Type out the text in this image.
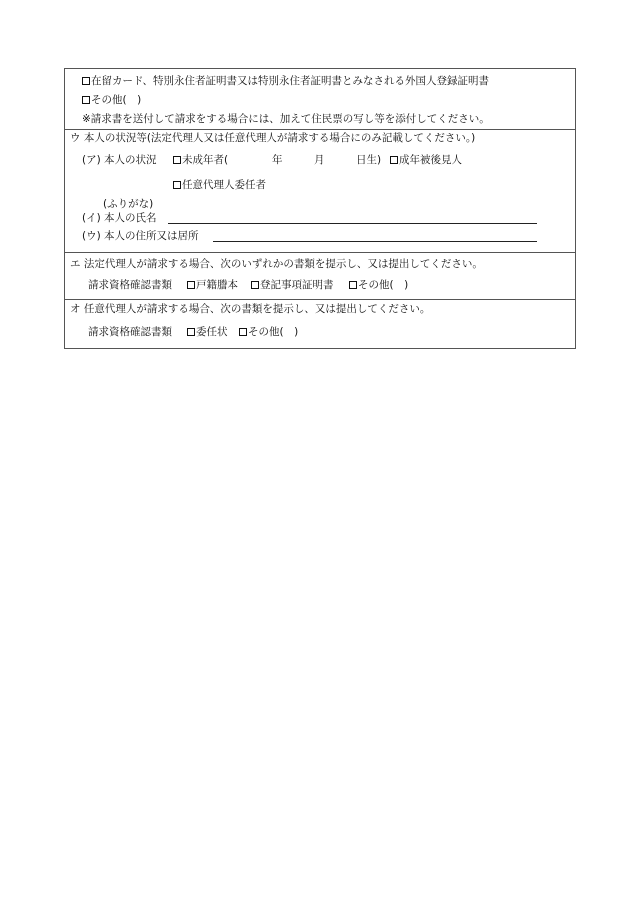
在留カード、特別永住者証明書又は特別永住者証明書とみなされる外国人登録証明書
その他(　)
※請求書を送付して請求をする場合には、加えて住民票の写し等を添付してください。
ウ 本人の状況等(法定代理人又は任意代理人が請求する場合にのみ記載してください。)
(ア) 本人の状況	未成年者(	年	月	日生)	成年被後見人
任意代理人委任者
(ふりがな)
(イ) 本人の氏名
(ウ) 本人の住所又は居所
エ 法定代理人が請求する場合、次のいずれかの書類を提示し、又は提出してください。
請求資格確認書類	戸籍謄本	登記事項証明書	その他(　)
オ 任意代理人が請求する場合、次の書類を提示し、又は提出してください。
請求資格確認書類	委任状	その他(　)
